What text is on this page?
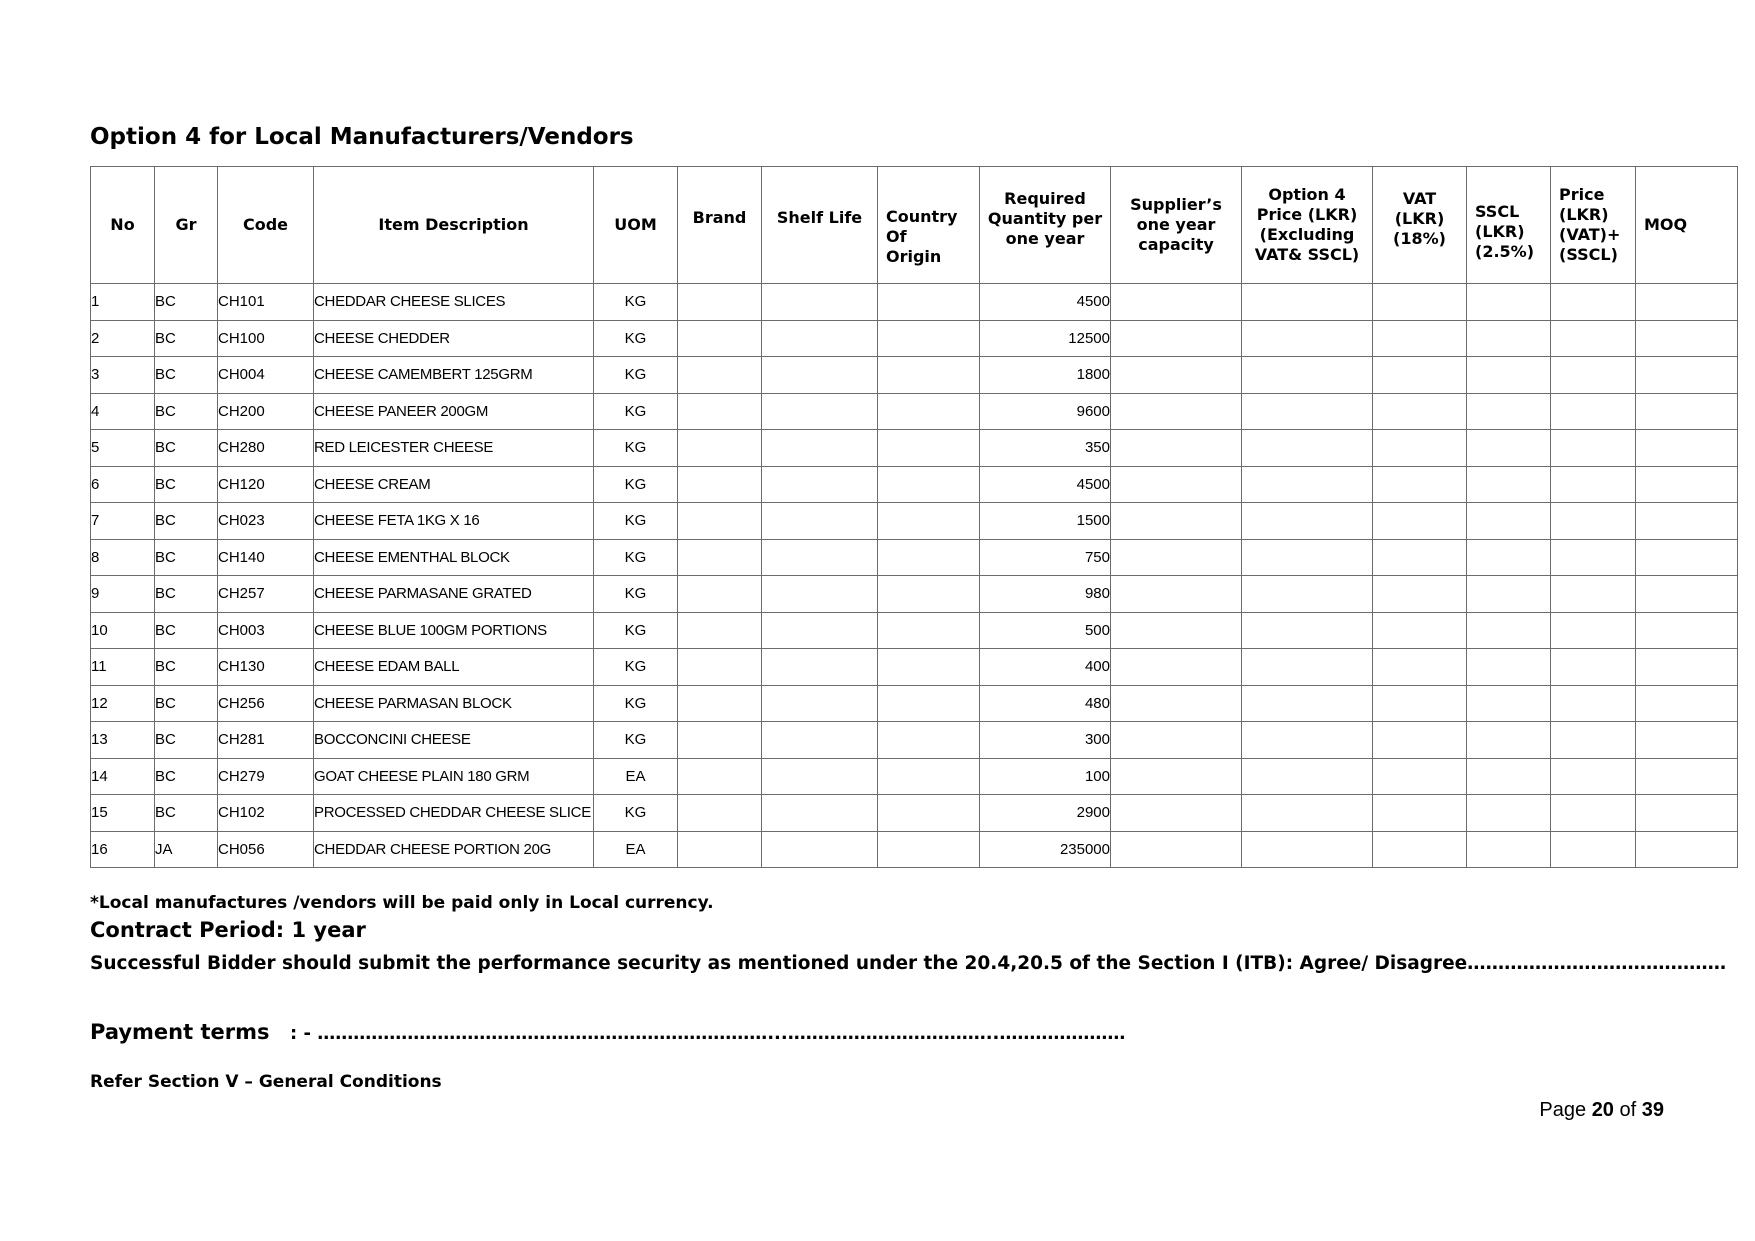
Option 4 for Local Manufacturers/Vendors
No	Gr	Code	Item Description	UOM	Brand	Shelf Life	Country
Of
Origin	Required
Quantity per
one year	Supplier’s
one year
capacity	Option 4
Price (LKR)
(Excluding
VAT& SSCL)	VAT
(LKR)
(18%)	SSCL
(LKR)
(2.5%)	Price
(LKR)
(VAT)+
(SSCL)	MOQ
1	BC	CH101	CHEDDAR CHEESE SLICES	KG				4500						
2	BC	CH100	CHEESE CHEDDER	KG				12500						
3	BC	CH004	CHEESE CAMEMBERT 125GRM	KG				1800						
4	BC	CH200	CHEESE PANEER 200GM	KG				9600						
5	BC	CH280	RED LEICESTER CHEESE	KG				350						
6	BC	CH120	CHEESE CREAM	KG				4500						
7	BC	CH023	CHEESE FETA 1KG X 16	KG				1500						
8	BC	CH140	CHEESE EMENTHAL BLOCK	KG				750						
9	BC	CH257	CHEESE PARMASANE GRATED	KG				980						
10	BC	CH003	CHEESE BLUE 100GM PORTIONS	KG				500						
11	BC	CH130	CHEESE EDAM BALL	KG				400						
12	BC	CH256	CHEESE PARMASAN BLOCK	KG				480						
13	BC	CH281	BOCCONCINI CHEESE	KG				300						
14	BC	CH279	GOAT CHEESE PLAIN 180 GRM	EA				100						
15	BC	CH102	PROCESSED CHEDDAR CHEESE SLICE	KG				2900						
16	JA	CH056	CHEDDAR CHEESE PORTION 20G	EA				235000						

*Local manufactures /vendors will be paid only in Local currency.

Contract Period: 1 year

Successful Bidder should submit the performance security as mentioned under the 20.4,20.5 of the Section I (ITB): Agree/ Disagree……………………………………

Payment terms : - …………………………………………………………………...……………………………..…………………

Refer Section V – General Conditions

Page 20 of 39
